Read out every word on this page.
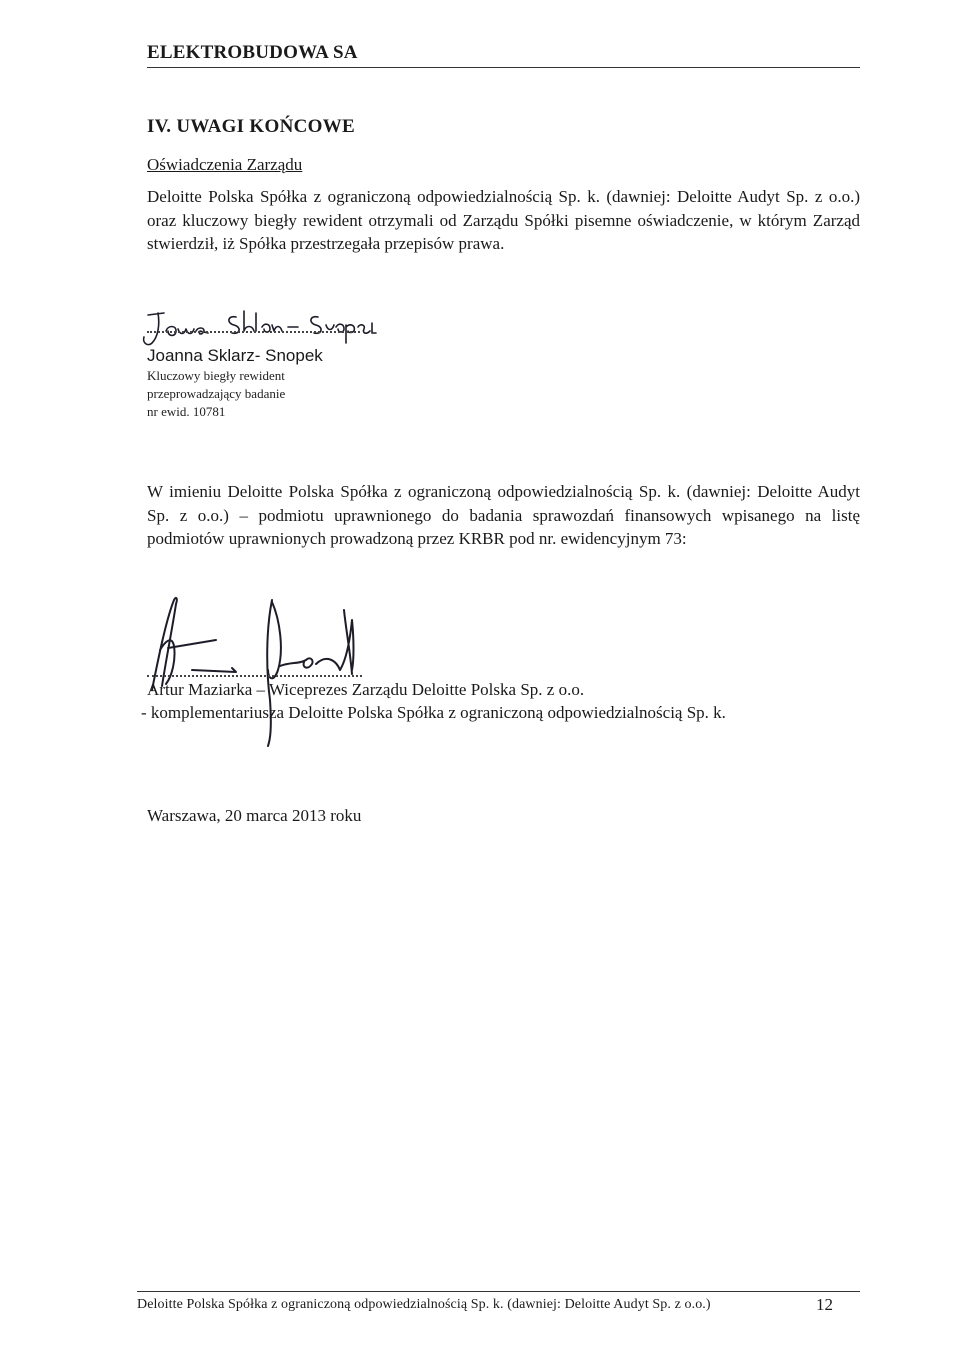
ELEKTROBUDOWA SA
IV. UWAGI KOŃCOWE
Oświadczenia Zarządu
Deloitte Polska Spółka z ograniczoną odpowiedzialnością Sp. k. (dawniej: Deloitte Audyt Sp. z o.o.) oraz kluczowy biegły rewident otrzymali od Zarządu Spółki pisemne oświadczenie, w którym Zarząd stwierdził, iż Spółka przestrzegała przepisów prawa.
Joanna Sklarz- Snopek
Kluczowy biegły rewident
przeprowadzający badanie
nr ewid. 10781
W imieniu Deloitte Polska Spółka z ograniczoną odpowiedzialnością Sp. k. (dawniej: Deloitte Audyt Sp. z o.o.) – podmiotu uprawnionego do badania sprawozdań finansowych wpisanego na listę podmiotów uprawnionych prowadzoną przez KRBR pod nr. ewidencyjnym 73:
Artur Maziarka – Wiceprezes Zarządu Deloitte Polska Sp. z o.o.
- komplementariusza Deloitte Polska Spółka z ograniczoną odpowiedzialnością Sp. k.
Warszawa, 20 marca 2013 roku
Deloitte Polska Spółka z ograniczoną odpowiedzialnością Sp. k. (dawniej: Deloitte Audyt Sp. z o.o.)	12
